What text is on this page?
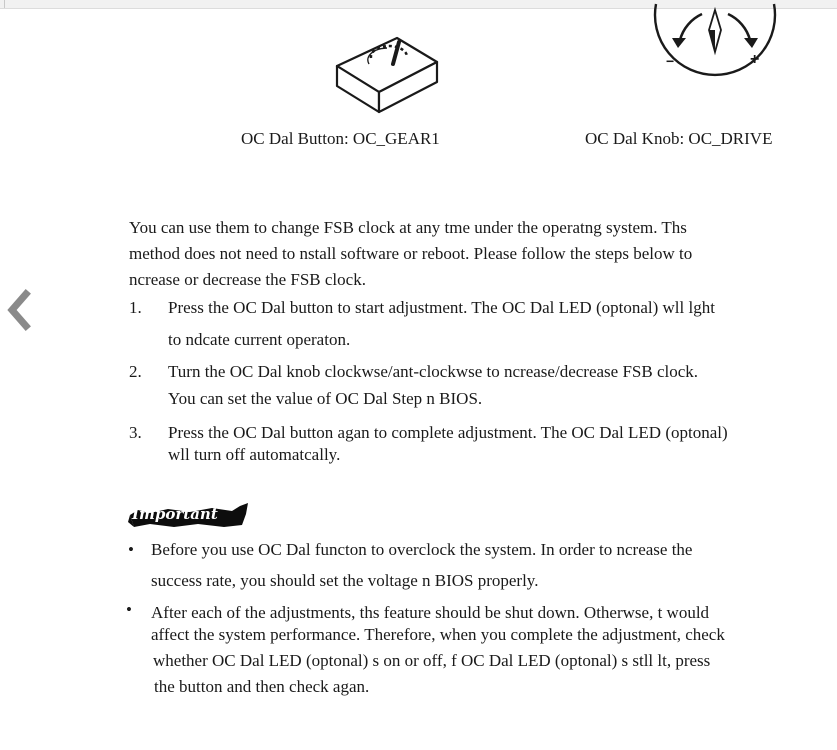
−	+
OC Dal Button: OC_GEAR1	OC Dal Knob: OC_DRIVE
You can use them to change FSB clock at any tme under the operatng system. Ths
method does not need to nstall software or reboot. Please follow the steps below to
ncrease or decrease the FSB clock.
1. Press the OC Dal button to start adjustment. The OC Dal LED (optonal) wll lght
to ndcate current operaton.
2. Turn the OC Dal knob clockwse/ant-clockwse to ncrease/decrease FSB clock.
You can set the value of OC Dal Step n BIOS.
3. Press the OC Dal button agan to complete adjustment. The OC Dal LED (optonal)
wll turn off automatcally.
Important
• Before you use OC Dal functon to overclock the system. In order to ncrease the
success rate, you should set the voltage n BIOS properly.
• After each of the adjustments, ths feature should be shut down. Otherwse, t would
affect the system performance. Therefore, when you complete the adjustment, check
whether OC Dal LED (optonal) s on or off, f OC Dal LED (optonal) s stll lt, press
the button and then check agan.
